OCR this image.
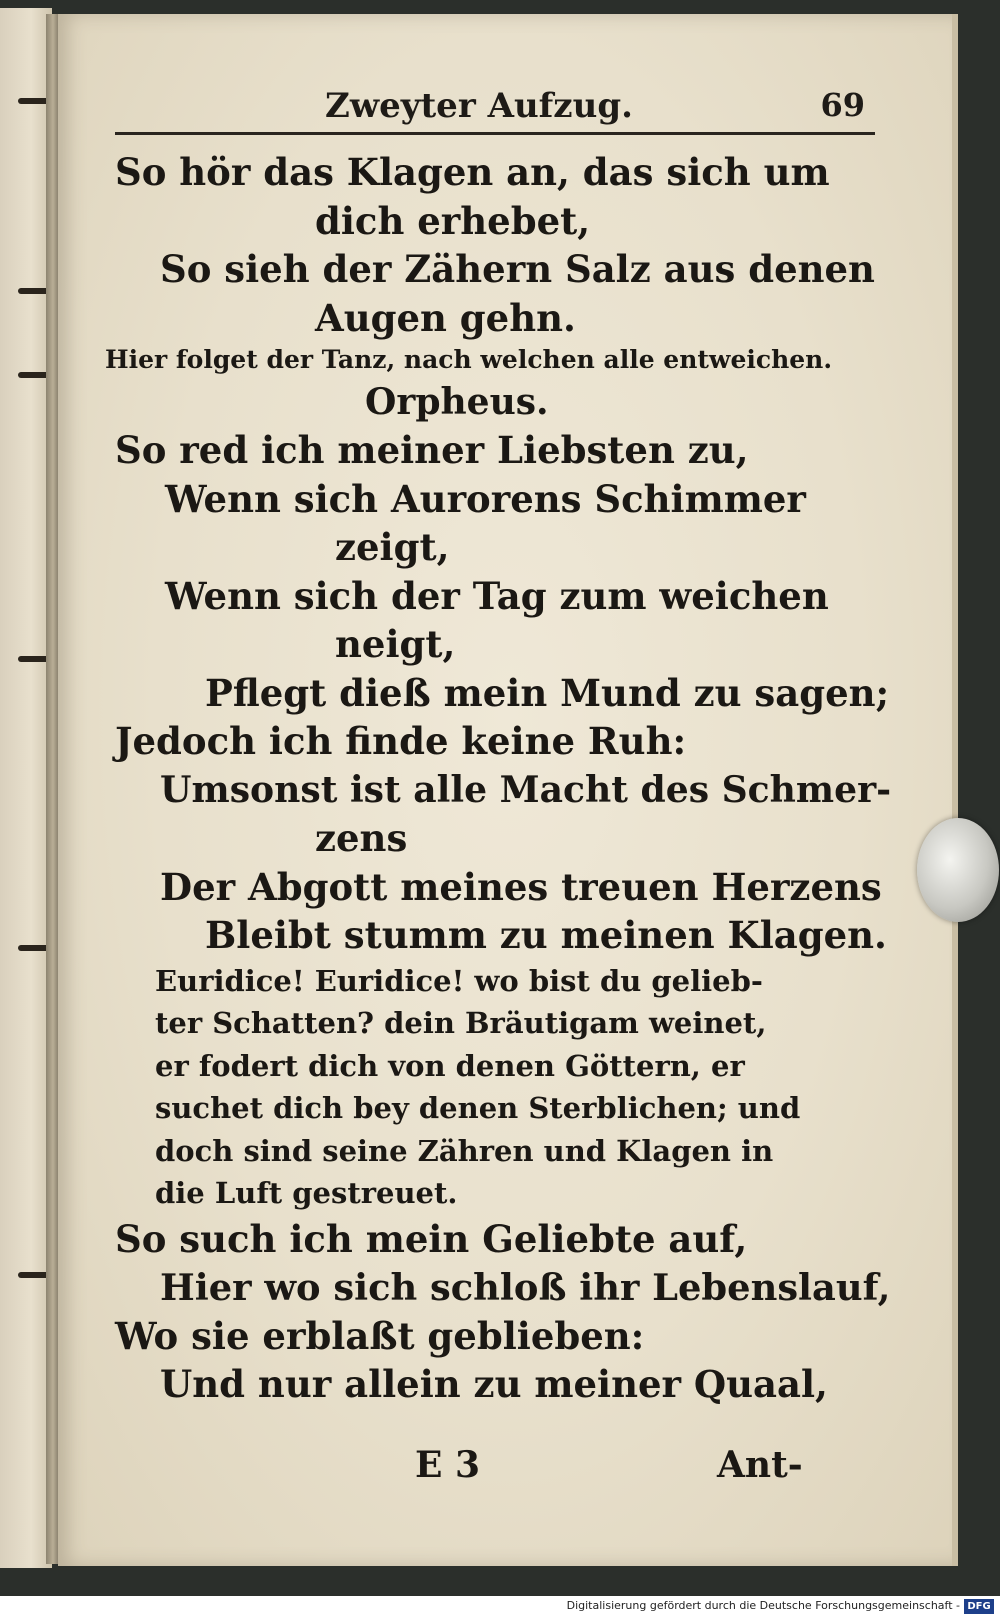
Zweyter Aufzug.	69
So hör das Klagen an, das sich um
dich erhebet,
So sieh der Zähern Salz aus denen
Augen gehn.
Hier folget der Tanz, nach welchen alle entweichen.
Orpheus.
So red ich meiner Liebsten zu,
Wenn sich Aurorens Schimmer
zeigt,
Wenn sich der Tag zum weichen
neigt,
Pflegt dieß mein Mund zu sagen;
Jedoch ich finde keine Ruh:
Umsonst ist alle Macht des Schmer-
zens
Der Abgott meines treuen Herzens
Bleibt stumm zu meinen Klagen.
Euridice! Euridice! wo bist du gelieb-
ter Schatten? dein Bräutigam weinet,
er fodert dich von denen Göttern, er
suchet dich bey denen Sterblichen; und
doch sind seine Zähren und Klagen in
die Luft gestreuet.
So such ich mein Geliebte auf,
Hier wo sich schloß ihr Lebenslauf,
Wo sie erblaßt geblieben:
Und nur allein zu meiner Quaal,
E 3	Ant-
Digitalisierung gefördert durch die Deutsche Forschungsgemeinschaft - DFG
